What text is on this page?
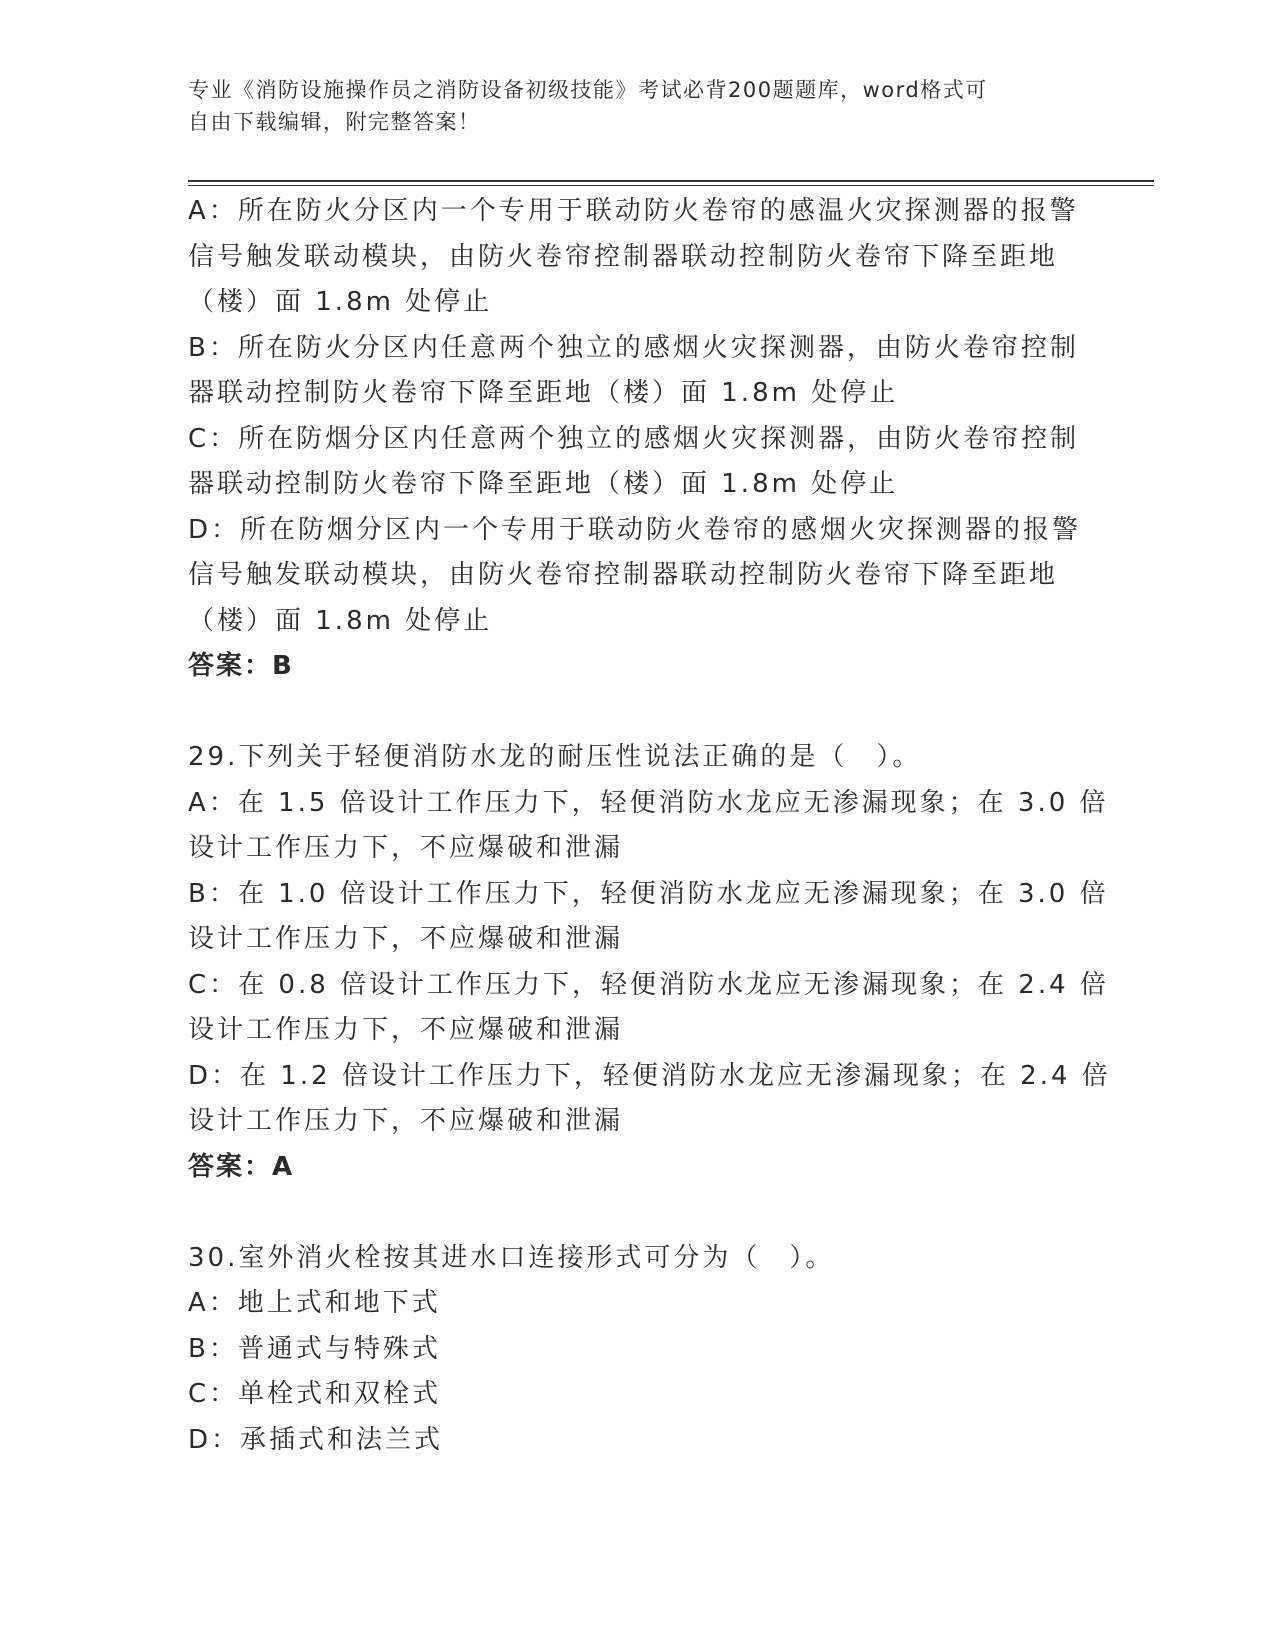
专业《消防设施操作员之消防设备初级技能》考试必背200题题库，word格式可
自由下载编辑，附完整答案！
A：所在防火分区内一个专用于联动防火卷帘的感温火灾探测器的报警
信号触发联动模块，由防火卷帘控制器联动控制防火卷帘下降至距地
（楼）面 1.8m 处停止
B：所在防火分区内任意两个独立的感烟火灾探测器，由防火卷帘控制
器联动控制防火卷帘下降至距地（楼）面 1.8m 处停止
C：所在防烟分区内任意两个独立的感烟火灾探测器，由防火卷帘控制
器联动控制防火卷帘下降至距地（楼）面 1.8m 处停止
D：所在防烟分区内一个专用于联动防火卷帘的感烟火灾探测器的报警
信号触发联动模块，由防火卷帘控制器联动控制防火卷帘下降至距地
（楼）面 1.8m 处停止
答案：B
29.下列关于轻便消防水龙的耐压性说法正确的是（　）。
A：在 1.5 倍设计工作压力下，轻便消防水龙应无渗漏现象；在 3.0 倍
设计工作压力下，不应爆破和泄漏
B：在 1.0 倍设计工作压力下，轻便消防水龙应无渗漏现象；在 3.0 倍
设计工作压力下，不应爆破和泄漏
C：在 0.8 倍设计工作压力下，轻便消防水龙应无渗漏现象；在 2.4 倍
设计工作压力下，不应爆破和泄漏
D：在 1.2 倍设计工作压力下，轻便消防水龙应无渗漏现象；在 2.4 倍
设计工作压力下，不应爆破和泄漏
答案：A
30.室外消火栓按其进水口连接形式可分为（　）。
A：地上式和地下式
B：普通式与特殊式
C：单栓式和双栓式
D：承插式和法兰式
